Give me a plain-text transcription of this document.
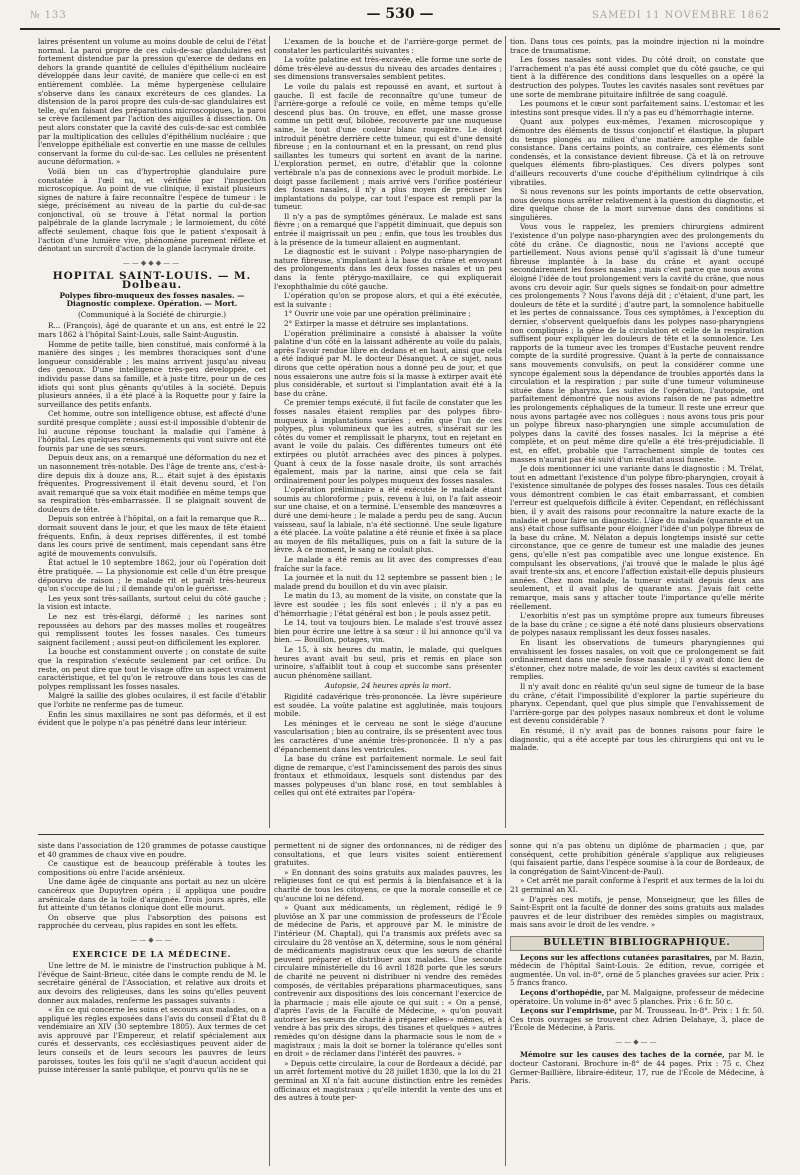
№ 133	— 530 —	SAMEDI 11 NOVEMBRE 1862

laires présentent un volume au moins double de celui de l'état normal. La paroi propre de ces culs-de-sac glandulaires est fortement distendue par la pression qu'exerce de dedans en dehors la grande quantité de cellules d'épithélium nucléaire développée dans leur cavité, de manière que celle-ci en est entièrement comblée. La même hypergenèse cellulaire s'observe dans les canaux excréteurs de ces glandes. La distension de la paroi propre des culs-de-sac glandulaires est telle, qu'en faisant des préparations microscopiques, la paroi se crève facilement par l'action des aiguilles à dissection. On peut alors constater que la cavité des culs-de-sac est comblée par la multiplication des cellules d'épithélium nucléaire ; que l'enveloppe épithéliale est convertie en une masse de cellules conservant la forme du cul-de-sac. Les cellules ne présentent aucune déformation. »

Voilà bien un cas d'hypertrophie glandulaire pure constatée à l'œil nu, et vérifiée par l'inspection microscopique. Au point de vue clinique, il existait plusieurs signes de nature à faire reconnaître l'espèce de tumeur : le siége, précisément au niveau de la partie du cul-de-sac conjonctival, où se trouve à l'état normal la portion palpébrale de la glande lacrymale ; le larmoiement, du côté affecté seulement, chaque fois que le patient s'exposait à l'action d'une lumière vive, phénomène purement réflexe et dénotant un surcroît d'action de la glande lacrymale droite.

——◆◆◆——
HOPITAL SAINT-LOUIS. — M. Dolbeau.
Polypes fibro-muqueux des fosses nasales. — Diagnostic complexe. Opération. — Mort.
(Communiqué à la Société de chirurgie.)

R... (François), âgé de quarante et un ans, est entré le 22 mars 1862 à l'hôpital Saint-Louis, salle Saint-Augustin.

Homme de petite taille, bien constitué, mais conformé à la manière des singes ; les membres thoraciques sont d'une longueur considérable ; les mains arrivent jusqu'au niveau des genoux. D'une intelligence très-peu développée, cet individu passe dans sa famille, et à juste titre, pour un de ces idiots qui sont plus gênants qu'utiles à la société. Depuis plusieurs années, il a été placé à la Roquette pour y faire la surveillance des petits enfants.

Cet homme, outre son intelligence obtuse, est affecté d'une surdité presque complète ; aussi est-il impossible d'obtenir de lui aucune réponse touchant la maladie qui l'amène à l'hôpital. Les quelques renseignements qui vont suivre ont été fournis par une de ses sœurs.

Depuis deux ans, on a remarqué une déformation du nez et un nasonnement très-notable. Des l'âge de trente ans, c'est-à-dire depuis dix à douze ans, R... était sujet à des épistaxis fréquentes. Progressivement il était devenu sourd, et l'on avait remarqué que sa voix était modifiée en même temps que sa respiration très-embarrassée. Il se plaignait souvent de douleurs de tête.

Depuis son entrée à l'hôpital, on a fait la remarque que R... dormait souvent dans le jour, et que les maux de tête étaient fréquents. Enfin, à deux reprises différentes, il est tombé dans les cours privé de sentiment, mais cependant sans être agité de mouvements convulsifs.

État actuel le 10 septembre 1862, jour où l'opération doit être pratiquée. — La physionomie est celle d'un être presque dépourvu de raison ; le malade rit et paraît très-heureux qu'on s'occupe de lui ; il demande qu'on le guérisse.

Les yeux sont très-saillants, surtout celui du côté gauche ; la vision est intacte.

Le nez est très-élargi, déformé ; les narines sont repoussées au dehors par des masses molles et rougeâtres qui remplissent toutes les fosses nasales. Ces tumeurs saignent facilement ; aussi peut-on difficilement les explorer.

La bouche est constamment ouverte ; on constate de suite que la respiration s'exécute seulement par cet orifice. Du reste, on peut dire que tout le visage offre un aspect vraiment caractéristique, et tel qu'on le retrouve dans tous les cas de polypes remplissant les fosses nasales.

Malgré la saillie des globes oculaires, il est facile d'établir que l'orbite ne renferme pas de tumeur.

Enfin les sinus maxillaires ne sont pas déformés, et il est évident que le polype n'a pas pénétré dans leur intérieur.

L'examen de la bouche et de l'arrière-gorge permet de constater les particularités suivantes :

La voûte palatine est très-excavée, elle forme une sorte de dôme très-élevé au-dessus du niveau des arcades dentaires ; ses dimensions transversales semblent petites.

Le voile du palais est repoussé en avant, et surtout à gauche. Il est facile de reconnaître qu'une tumeur de l'arrière-gorge a refoulé ce voile, en même temps qu'elle descend plus bas. On trouve, en effet, une masse grosse comme un petit œuf, bilobée, recouverte par une muqueuse saine, le tout d'une couleur blanc rougeâtre. Le doigt introduit pénètre derrière cette tumeur, qui est d'une densité fibreuse ; en la contournant et en la pressant, on rend plus saillantes les tumeurs qui sortent en avant de la narine. L'exploration permet, en outre, d'établir que la colonne vertébrale n'a pas de connexions avec le produit morbide. Le doigt passe facilement ; mais arrivé vers l'orifice postérieur des fosses nasales, il n'y a plus moyen de préciser les implantations du polype, car tout l'espace est rempli par la tumeur.

Il n'y a pas de symptômes généraux. Le malade est sans fièvre ; on a remarqué que l'appétit diminuait, que depuis son entrée il maigrissait un peu ; enfin, que tous les troubles dus à la présence de la tumeur allaient en augmentant.

Le diagnostic est le suivant : Polype naso-pharyngien de nature fibreuse, s'implantant à la base du crâne et envoyant des prolongements dans les deux fosses nasales et un peu dans la fente ptérygo-maxillaire, ce qui expliquerait l'exophthalmie du côté gauche.

L'opération qu'on se propose alors, et qui a été exécutée, est la suivante :

1° Ouvrir une voie par une opération préliminaire ;

2° Extirper la masse et détruire ses implantations.

L'opération préliminaire a consisté à abaisser la voûte palatine d'un côté en la laissant adhérente au voile du palais, après l'avoir rendue libre en dedans et en haut, ainsi que cela a été indiqué par M. le docteur Désanquet. A ce sujet, nous dirons que cette opération nous a donné peu de jour, et que nous essaierons une autre fois si la masse à extirper avait été plus considérable, et surtout si l'implantation avait été à la base du crâne.

Ce premier temps exécuté, il fut facile de constater que les fosses nasales étaient remplies par des polypes fibro-muqueux à implantations variées ; enfin que l'un de ces polypes, plus volumineux que les autres, s'insérait sur les côtés du vomer et remplissait le pharynx, tout en rejetant en avant le voile du palais. Ces différentes tumeurs ont été extirpées ou plutôt arrachées avec des pinces à polypes. Quant à ceux de la fosse nasale droite, ils sont arrachés également, mais par la narine, ainsi que cela se fait ordinairement pour les polypes muqueux des fosses nasales.

L'opération préliminaire a été exécutée le malade étant soumis au chloroforme ; puis, revenu à lui, on l'a fait asseoir sur une chaise, et on a terminé. L'ensemble des manœuvres a duré une demi-heure ; le malade a perdu peu de sang. Aucun vaisseau, sauf la labiale, n'a été sectionné. Une seule ligature a été placée. La voûte palatine a été réunie et fixée à sa place au moyen de fils métalliques, puis on a fait la suture de la lèvre. A ce moment, le sang ne coulait plus.

Le malade a été remis au lit avec des compresses d'eau fraîche sur la face.

La journée et la nuit du 12 septembre se passent bien ; le malade prend du bouillon et du vin avec plaisir.

Le matin du 13, au moment de la visite, on constate que la lèvre est soudée ; les fils sont enlevés ; il n'y a pas eu d'hémorrhagie ; l'état général est bon ; le pouls assez petit.

Le 14, tout va toujours bien. Le malade s'est trouvé assez bien pour écrire une lettre à sa sœur : il lui annonce qu'il va bien. — Bouillon, potages, vin.

Le 15, à six heures du matin, le malade, qui quelques heures avant avait bu seul, pris et remis en place son urinoire, s'affaiblit tout à coup et succombe sans présenter aucun phénomène saillant.

Autopsie, 24 heures après la mort.

Rigidité cadavérique très-prononcée. La lèvre supérieure est soudée. La voûte palatine est agglutinée, mais toujours mobile.

Les méninges et le cerveau ne sont le siége d'aucune vascularisation ; bien au contraire, ils se présentent avec tous les caractères d'une anémie très-prononcée. Il n'y a pas d'épanchement dans les ventricules.

La base du crâne est parfaitement normale. Le seul fait digne de remarque, c'est l'amincissement des parois des sinus frontaux et ethmoïdaux, lesquels sont distendus par des masses polypeuses d'un blanc rosé, en tout semblables à celles qui ont été extraites par l'opéra-

tion. Dans tous ces points, pas la moindre injection ni la moindre trace de traumatisme.

Les fosses nasales sont vides. Du côté droit, on constate que l'arrachement n'a pas été aussi complet que du côté gauche, ce qui tient à la différence des conditions dans lesquelles on a opéré la destruction des polypes. Toutes les cavités nasales sont revêtues par une sorte de membrane pituitaire infiltrée de sang coagulé.

Les poumons et le cœur sont parfaitement sains. L'estomac et les intestins sont presque vides. Il n'y a pas eu d'hémorrhagie interne.

Quant aux polypes eux-mêmes, l'examen microscopique y démontre des éléments de tissus conjonctif et élastique, la plupart du temps plongés au milieu d'une matière amorphe de faible consistance. Dans certains points, au contraire, ces éléments sont condensés, et la consistance devient fibreuse. Çà et là on retrouve quelques éléments fibro-plastiques. Ces divers polypes sont d'ailleurs recouverts d'une couche d'épithélium cylindrique à cils vibratiles.

Si nous revenons sur les points importants de cette observation, nous devons nous arrêter relativement à la question du diagnostic, et dire quelque chose de la mort survenue dans des conditions si singulières.

Vous vous le rappelez, les premiers chirurgiens admirent l'existence d'un polype naso-pharyngien avec des prolongements du côté du crâne. Ce diagnostic, nous ne l'avions accepté que partiellement. Nous avions pensé qu'il s'agissait là d'une tumeur fibreuse implantée à la base du crâne et ayant occupé secondairement les fosses nasales ; mais c'est parce que nous avons éloigné l'idée de tout prolongement vers la cavité du crâne, que nous avons cru devoir agir. Sur quels signes se fondait-on pour admettre ces prolongements ? Nous l'avons déjà dit ; c'étaient, d'une part, les douleurs de tête et la surdité ; d'autre part, la somnolence habituelle et les pertes de connaissance. Tous ces symptômes, à l'exception du dernier, s'observent quelquefois dans les polypes naso-pharyngiens non compliqués ; la gêne de la circulation et celle de la respiration suffisent pour expliquer les douleurs de tête et la somnolence. Les rapports de la tumeur avec les trompes d'Eustache peuvent rendre compte de la surdité progressive. Quant à la perte de connaissance sans mouvements convulsifs, on peut la considérer comme une syncope également sous la dépendance de troubles apportés dans la circulation et la respiration ; par suite d'une tumeur volumineuse située dans le pharynx. Les suites de l'opération, l'autopsie, ont parfaitement démontré que nous avions raison de ne pas admettre les prolongements céphaliques de la tumeur. Il reste une erreur que nous avons partagée avec nos collègues : nous avons tous pris pour un polype fibreux naso-pharyngien une simple accumulation de polypes dans la cavité des fosses nasales. Ici la méprise a été complète, et on peut même dire qu'elle a été très-préjudiciable. Il est, en effet, probable que l'arrachement simple de toutes ces masses n'aurait pas été suivi d'un résultat aussi funeste.

Je dois mentionner ici une variante dans le diagnostic : M. Trélat, tout en admettant l'existence d'un polype fibro-pharyngien, croyait à l'existence simultanée de polypes des fosses nasales. Tous ces détails vous démontrent combien le cas était embarrassant, et combien l'erreur est quelquefois difficile à éviter. Cependant, en réfléchissant bien, il y avait des raisons pour reconnaître la nature exacte de la maladie et pour faire un diagnostic. L'âge du malade (quarante et un ans) était chose suffisante pour éloigner l'idée d'un polype fibreux de la base du crâne. M. Nélaton a depuis longtemps insisté sur cette circonstance, que ce genre de tumeur est une maladie des jeunes gens, qu'elle n'est pas compatible avec une longue existence. En compulsant les observations, j'ai trouvé que le malade le plus âgé avait trente-six ans, et encore l'affection existait-elle depuis plusieurs années. Chez mon malade, la tumeur existait depuis deux ans seulement, et il avait plus de quarante ans. J'avais fait cette remarque, mais sans y attacher toute l'importance qu'elle mérite réellement.

L'exorbitis n'est pas un symptôme propre aux tumeurs fibreuses de la base du crâne ; ce signe a été noté dans plusieurs observations de polypes nasaux remplissant les deux fosses nasales.

En lisant les observations de tumeurs pharyngiennes qui envahissent les fosses nasales, on voit que ce prolongement se fait ordinairement dans une seule fosse nasale ; il y avait donc lieu de s'étonner, chez notre malade, de voir les deux cavités si exactement remplies.

Il n'y avait donc en réalité qu'un seul signe de tumeur de la base du crâne, c'était l'impossibilité d'explorer la partie supérieure du pharynx. Cependant, quel que plus simple que l'envahissement de l'arrière-gorge par des polypes nasaux nombreux et dont le volume est devenu considérable ?

En résumé, il n'y avait pas de bonnes raisons pour faire le diagnostic, qui a été accepté par tous les chirurgiens qui ont vu le malade.

siste dans l'association de 120 grammes de potasse caustique et 40 grammes de chaux vive en poudre.

Ce caustique est de beaucoup préférable à toutes les compositions où entre l'acide arsénieux.

Une dame âgée de cinquante ans portait au nez un ulcère cancéreux que Dupuytren opéra ; il appliqua une poudre arsénicale dans de la toile d'araignée. Trois jours après, elle fut atteinte d'un tétanos clonique dont elle mourut.

On observe que plus l'absorption des poisons est rapprochée du cerveau, plus rapides en sont les effets.

——◆——
EXERCICE DE LA MÉDECINE.

Une lettre de M. le ministre de l'instruction publique à M. l'évêque de Saint-Brieuc, citée dans le compte rendu de M. le secrétaire général de l'Association, et relative aux droits et aux devoirs des religieuses, dans les soins qu'elles peuvent donner aux malades, renferme les passages suivants :

« En ce qui concerne les soins et secours aux malades, on a appliqué les règles exposées dans l'avis du conseil d'État du 8 vendémiaire an XIV (30 septembre 1805). Aux termes de cet avis approuvé par l'Empereur, et relatif spécialement aux curés et desservants, ces ecclésiastiques peuvent aider de leurs conseils et de leurs secours les pauvres de leurs paroisses, toutes les fois qu'il ne s'agit d'aucun accident qui puisse intéresser la santé publique, et pourvu qu'ils ne se

permettent ni de signer des ordonnances, ni de rédiger des consultations, et que leurs visites soient entièrement gratuites.

» En donnant des soins gratuits aux malades pauvres, les religieuses font ce qui est permis à la bienfaisance et à la charité de tous les citoyens, ce que la morale conseille et ce qu'aucune loi ne défend.

» Quant aux médicaments, un règlement, rédigé le 9 pluviôse an X par une commission de professeurs de l'École de médecine de Paris, et approuvé par M. le ministre de l'intérieur (M. Chaptal), qui l'a transmis aux préfets avec sa circulaire du 28 ventôse an X, détermine, sous le nom général de médicaments magistraux ceux que les sœurs de charité peuvent préparer et distribuer aux malades. Une seconde circulaire ministérielle du 16 avril 1828 porte que les sœurs de charité ne peuvent ni distribuer ni vendre des remèdes composés, de véritables préparations pharmaceutiques, sans contrevenir aux dispositions des lois concernant l'exercice de la pharmacie ; mais elle ajoute ce qui suit : « On a pensé, d'après l'avis de la Faculté de Médecine, » qu'on pouvait autoriser les sœurs de charité à préparer elles-» mêmes, et à vendre à bas prix des sirops, des tisanes et quelques » autres remèdes qu'on désigne dans la pharmacie sous le nom de » magistraux ; mais la doit se borner la tolérance qu'elles sont en droit » de réclamer dans l'intérêt des pauvres. »

» Depuis cette circulaire, la cour de Bordeaux a décidé, par un arrêt fortement motivé du 28 juillet 1830, que la loi du 21 germinal an XI n'a fait aucune distinction entre les remèdes officinaux et magistraux ; qu'elle interdit la vente des uns et des autres à toute per-

sonne qui n'a pas obtenu un diplôme de pharmacien ; que, par conséquent, cette prohibition générale s'applique aux religieuses (qui faisaient partie, dans l'espèce soumise à la cour de Bordeaux, de la congrégation de Saint-Vincent-de-Paul).

» Cet arrêt me paraît conforme à l'esprit et aux termes de la loi du 21 germinal an XI.

» D'après ces motifs, je pense, Monseigneur, que les filles de Saint-Esprit ont la faculté de donner des soins gratuits aux malades pauvres et de leur distribuer des remèdes simples ou magistraux, mais sans avoir le droit de les vendre. »

BULLETIN BIBLIOGRAPHIQUE.

Leçons sur les affections cutanées parasitaires, par M. Bazin, médecin de l'hôpital Saint-Louis. 2e édition, revue, corrigée et augmentée. Un vol. in-8°, orné de 5 planches gravées sur acier. Prix : 5 francs franco.

Leçons d'orthopédie, par M. Malgaigne, professeur de médecine opératoire. Un volume in-8° avec 5 planches. Prix : 6 fr. 50 c.

Leçons sur l'empirisme, par M. Trousseau. In-8°. Prix : 1 fr. 50. Ces trois ouvrages se trouvent chez Adrien Delahaye, 3, place de l'École de Médecine, à Paris.

——◆——

Mémoire sur les causes des taches de la cornée, par M. le docteur Castorani. Brochure in-8° de 44 pages. Prix : 75 c. Chez Germer-Baillière, libraire-éditeur, 17, rue de l'École de Médecine, à Paris.
